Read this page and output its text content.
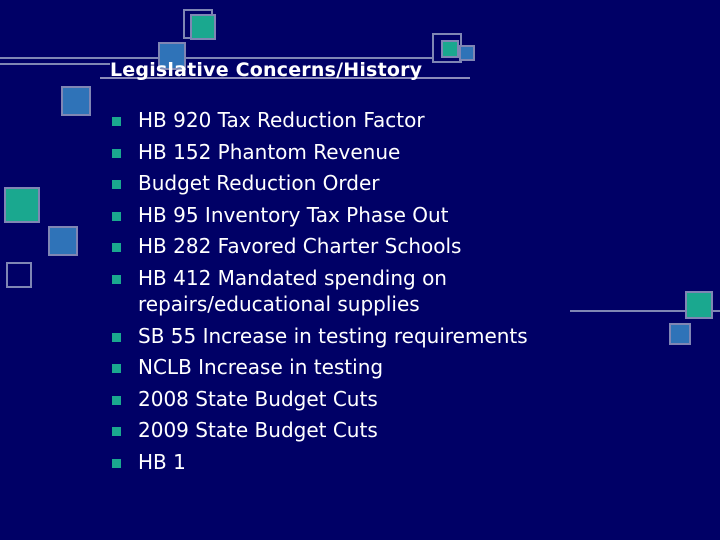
Legislative Concerns/History
HB 920 Tax Reduction Factor
HB 152 Phantom Revenue
Budget Reduction Order
HB 95 Inventory Tax Phase Out
HB 282 Favored Charter Schools
HB 412 Mandated spending on repairs/educational supplies
SB 55 Increase in testing requirements
NCLB Increase in testing
2008 State Budget Cuts
2009 State Budget Cuts
HB 1
